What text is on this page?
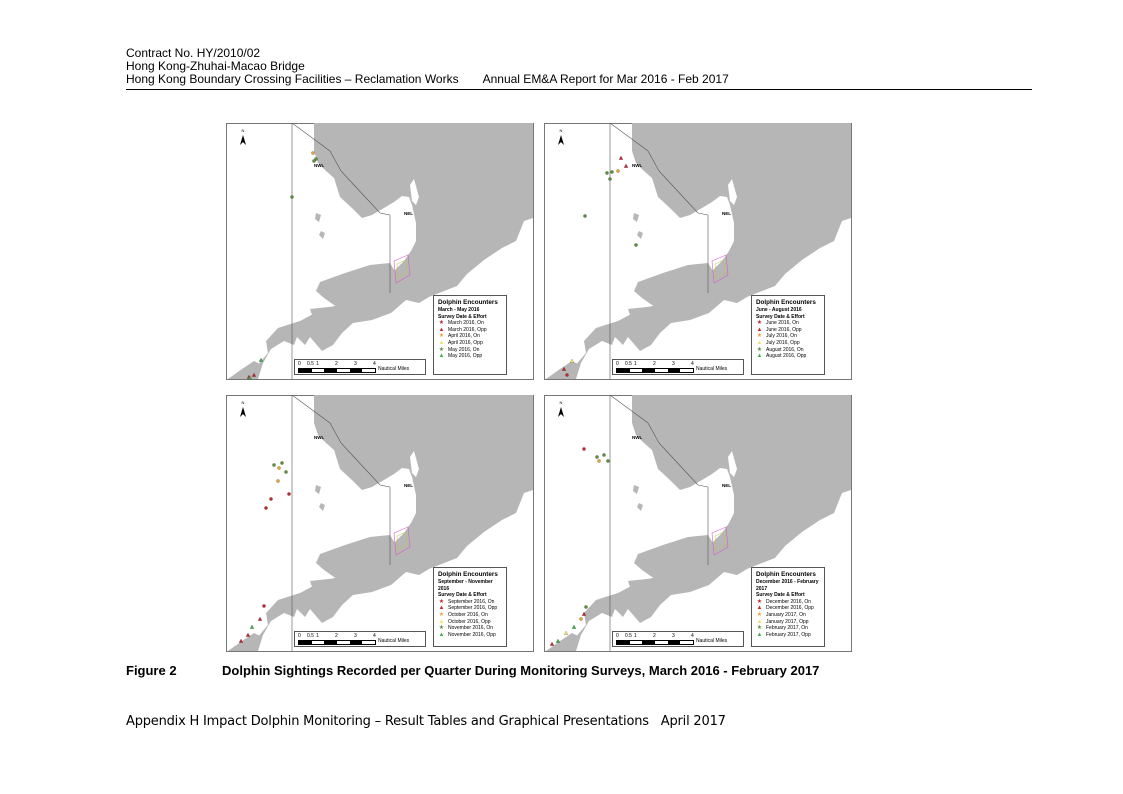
Contract No. HY/2010/02
Hong Kong-Zhuhai-Macao Bridge
Hong Kong Boundary Crossing Facilities – Reclamation Works Annual EM&A Report for Mar 2016 - Feb 2017
N
NWL
NEL
Dolphin Encounters
March - May 2016
Survey Date & Effort
★ March 2016, On
▲ March 2016, Opp
★ April 2016, On
▲ April 2016, Opp
★ May 2016, On
▲ May 2016, Opp
0 0.5 1	2	3	4
Nautical Miles
N
NWL
NEL
Dolphin Encounters
June - August 2016
Survey Date & Effort
★ June 2016, On
▲ June 2016, Opp
★ July 2016, On
▲ July 2016, Opp
★ August 2016, On
▲ August 2016, Opp
0 0.5 1	2	3	4
Nautical Miles
N
NWL
NEL
Dolphin Encounters
September - November 2016
Survey Date & Effort
★ September 2016, On
▲ September 2016, Opp
★ October 2016, On
▲ October 2016, Opp
★ November 2016, On
▲ November 2016, Opp
0 0.5 1	2	3	4
Nautical Miles
N
NWL
NEL
Dolphin Encounters
December 2016 - February 2017
Survey Date & Effort
★ December 2016, On
▲ December 2016, Opp
★ January 2017, On
▲ January 2017, Opp
★ February 2017, On
▲ February 2017, Opp
0 0.5 1	2	3	4
Nautical Miles
Figure 2	Dolphin Sightings Recorded per Quarter During Monitoring Surveys, March 2016 - February 2017
Appendix H Impact Dolphin Monitoring – Result Tables and Graphical Presentations April 2017
